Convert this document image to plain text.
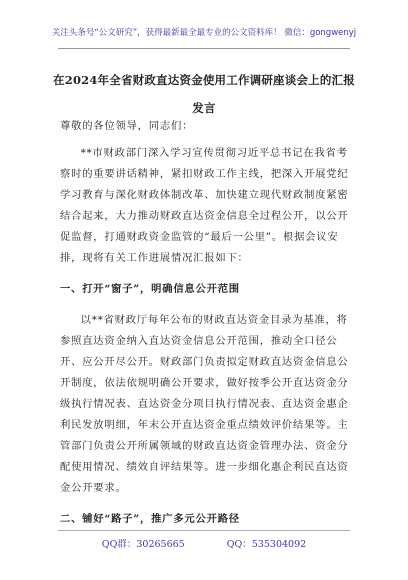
关注头条号“公文研究”，获得最新最全最专业的公文资料库！ 微信：gongwenyj
在2024年全省财政直达资金使用工作调研座谈会上的汇报
发言

尊敬的各位领导，同志们：

**市财政部门深入学习宣传贯彻习近平总书记在我省考察时的重要讲话精神，紧扣财政工作主线，把深入开展党纪学习教育与深化财政体制改革、加快建立现代财政制度紧密结合起来，大力推动财政直达资金信息全过程公开，以公开促监督，打通财政资金监管的“最后一公里”。根据会议安排，现将有关工作进展情况汇报如下：

一、打开“窗子”，明确信息公开范围

以**省财政厅每年公布的财政直达资金目录为基准，将参照直达资金纳入直达资金信息公开范围，推动全口径公开、应公开尽公开。财政部门负责拟定财政直达资金信息公开制度，依法依规明确公开要求，做好按季公开直达资金分级执行情况表、直达资金分项目执行情况表、直达资金惠企利民发放明细，年末公开直达资金重点绩效评价结果等。主管部门负责公开所属领域的财政直达资金管理办法、资金分配使用情况、绩效自评结果等。进一步细化惠企利民直达资金公开要求。

二、铺好“路子”，推广多元公开路径

QQ群：30265665	QQ：535304092
